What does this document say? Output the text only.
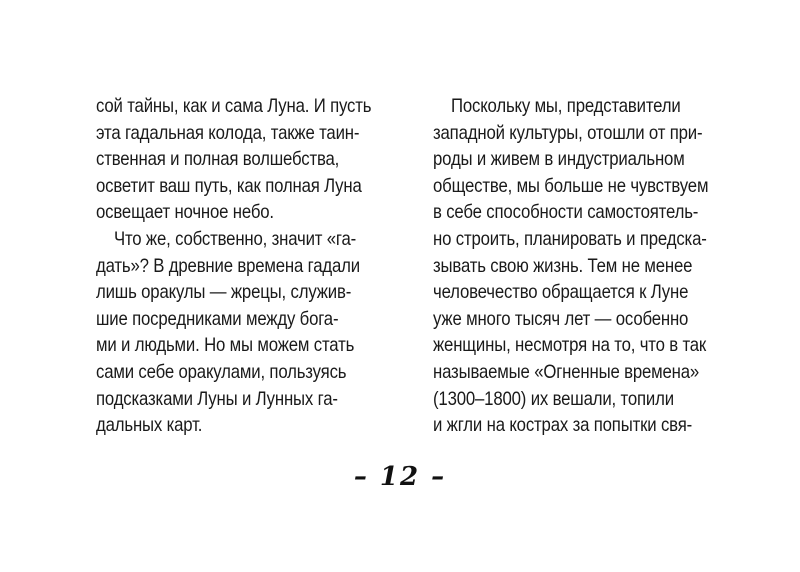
сой тайны, как и сама Луна. И пусть
эта гадальная колода, также таин-
ственная и полная волшебства,
осветит ваш путь, как полная Луна
освещает ночное небо.
Что же, собственно, значит «га-
дать»? В древние времена гадали
лишь оракулы — жрецы, служив-
шие посредниками между бога-
ми и людьми. Но мы можем стать
сами себе оракулами, пользуясь
подсказками Луны и Лунных га-
дальных карт.
Поскольку мы, представители
западной культуры, отошли от при-
роды и живем в индустриальном
обществе, мы больше не чувствуем
в себе способности самостоятель-
но строить, планировать и предска-
зывать свою жизнь. Тем не менее
человечество обращается к Луне
уже много тысяч лет — особенно
женщины, несмотря на то, что в так
называемые «Огненные времена»
(1300–1800) их вешали, топили
и жгли на кострах за попытки свя-
– 12 –
